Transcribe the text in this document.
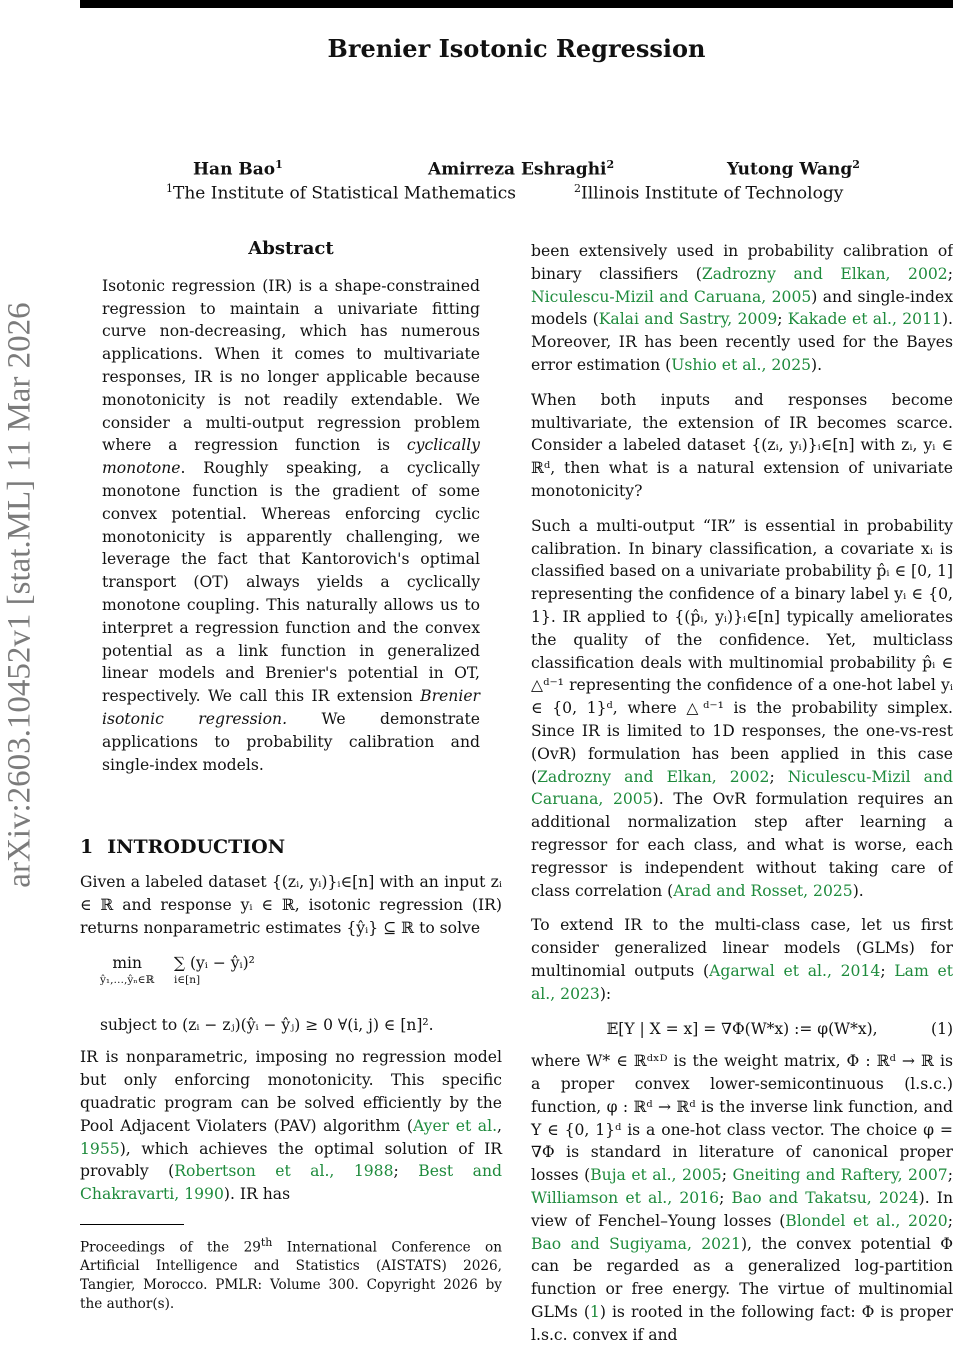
Brenier Isotonic Regression
Han Bao$^1$	Amirreza Eshraghi$^2$	Yutong Wang$^2$
$^1$The Institute of Statistical Mathematics	$^2$Illinois Institute of Technology
arXiv:2603.10452v1 [stat.ML] 11 Mar 2026
Abstract
Isotonic regression (IR) is a shape-constrained regression to maintain a univariate fitting curve non-decreasing, which has numerous applications. When it comes to multivariate responses, IR is no longer applicable because monotonicity is not readily extendable. We consider a multi-output regression problem where a regression function is cyclically monotone. Roughly speaking, a cyclically monotone function is the gradient of some convex potential. Whereas enforcing cyclic monotonicity is apparently challenging, we leverage the fact that Kantorovich's optimal transport (OT) always yields a cyclically monotone coupling. This naturally allows us to interpret a regression function and the convex potential as a link function in generalized linear models and Brenier's potential in OT, respectively. We call this IR extension Brenier isotonic regression. We demonstrate applications to probability calibration and single-index models.
1 INTRODUCTION

Given a labeled dataset {(zᵢ, yᵢ)}ᵢ∈[n] with an input zᵢ ∈ ℝ and response yᵢ ∈ ℝ, isotonic regression (IR) returns nonparametric estimates {ŷᵢ} ⊆ ℝ to solve

min
ŷ₁,…,ŷₙ∈ℝ
∑ (yᵢ − ŷᵢ)²
i∈[n]
subject to (zᵢ − zⱼ)(ŷᵢ − ŷⱼ) ≥ 0 ∀(i, j) ∈ [n]².

IR is nonparametric, imposing no regression model but only enforcing monotonicity. This specific quadratic program can be solved efficiently by the Pool Adjacent Violaters (PAV) algorithm (Ayer et al., 1955), which achieves the optimal solution of IR provably (Robertson et al., 1988; Best and Chakravarti, 1990). IR has

Proceedings of the 29th International Conference on Artificial Intelligence and Statistics (AISTATS) 2026, Tangier, Morocco. PMLR: Volume 300. Copyright 2026 by the author(s).

been extensively used in probability calibration of binary classifiers (Zadrozny and Elkan, 2002; Niculescu-Mizil and Caruana, 2005) and single-index models (Kalai and Sastry, 2009; Kakade et al., 2011). Moreover, IR has been recently used for the Bayes error estimation (Ushio et al., 2025).

When both inputs and responses become multivariate, the extension of IR becomes scarce. Consider a labeled dataset {(zᵢ, yᵢ)}ᵢ∈[n] with zᵢ, yᵢ ∈ ℝᵈ, then what is a natural extension of univariate monotonicity?

Such a multi-output “IR” is essential in probability calibration. In binary classification, a covariate xᵢ is classified based on a univariate probability p̂ᵢ ∈ [0, 1] representing the confidence of a binary label yᵢ ∈ {0, 1}. IR applied to {(p̂ᵢ, yᵢ)}ᵢ∈[n] typically ameliorates the quality of the confidence. Yet, multiclass classification deals with multinomial probability p̂ᵢ ∈ △ᵈ⁻¹ representing the confidence of a one-hot label yᵢ ∈ {0, 1}ᵈ, where △ᵈ⁻¹ is the probability simplex. Since IR is limited to 1D responses, the one-vs-rest (OvR) formulation has been applied in this case (Zadrozny and Elkan, 2002; Niculescu-Mizil and Caruana, 2005). The OvR formulation requires an additional normalization step after learning a regressor for each class, and what is worse, each regressor is independent without taking care of class correlation (Arad and Rosset, 2025).

To extend IR to the multi-class case, let us first consider generalized linear models (GLMs) for multinomial outputs (Agarwal et al., 2014; Lam et al., 2023):

𝔼[Y | X = x] = ∇Φ(W*x) := φ(W*x),	(1)

where W* ∈ ℝᵈˣᴰ is the weight matrix, Φ : ℝᵈ → ℝ is a proper convex lower-semicontinuous (l.s.c.) function, φ : ℝᵈ → ℝᵈ is the inverse link function, and Y ∈ {0, 1}ᵈ is a one-hot class vector. The choice φ = ∇Φ is standard in literature of canonical proper losses (Buja et al., 2005; Gneiting and Raftery, 2007; Williamson et al., 2016; Bao and Takatsu, 2024). In view of Fenchel–Young losses (Blondel et al., 2020; Bao and Sugiyama, 2021), the convex potential Φ can be regarded as a generalized log-partition function or free energy. The virtue of multinomial GLMs (1) is rooted in the following fact: Φ is proper l.s.c. convex if and
